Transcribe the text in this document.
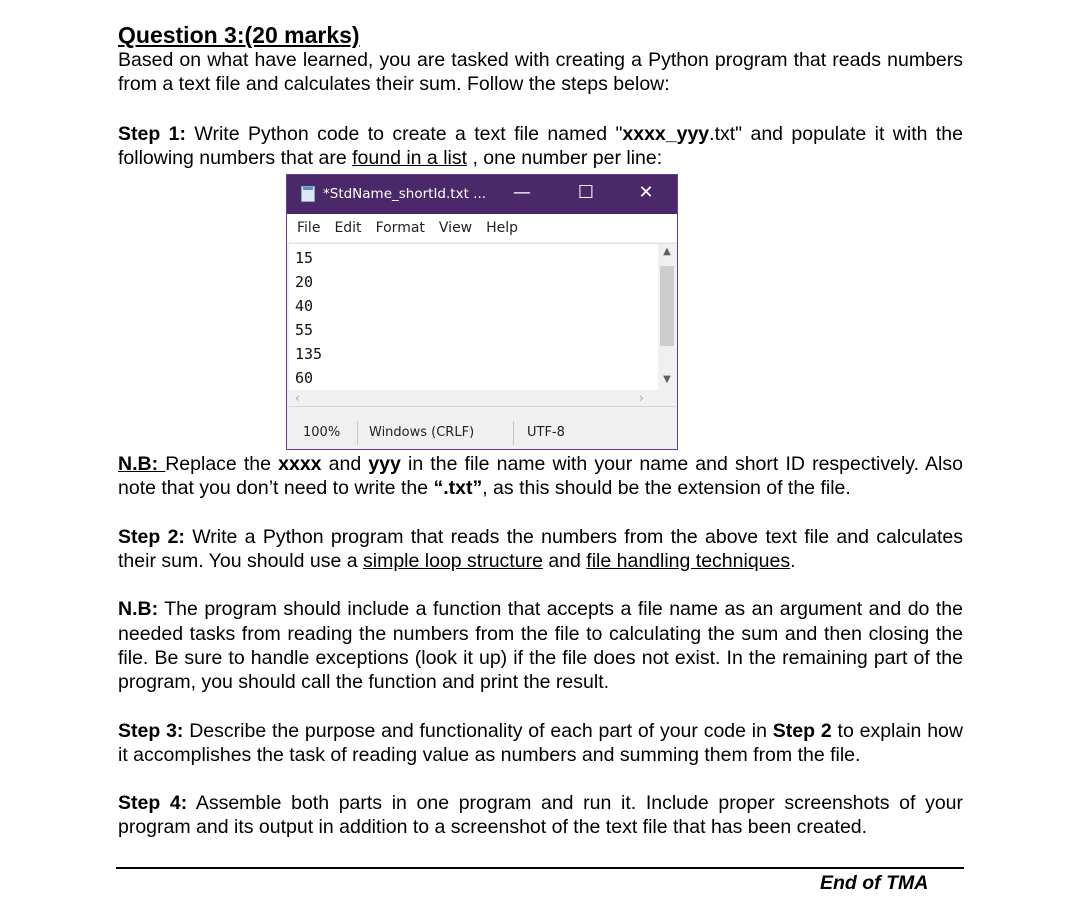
Question 3:(20 marks)

Based on what have learned, you are tasked with creating a Python program that reads numbers from a text file and calculates their sum. Follow the steps below:

Step 1: Write Python code to create a text file named "xxxx_yyy.txt" and populate it with the following numbers that are found in a list , one number per line:

N.B: Replace the xxxx and yyy in the file name with your name and short ID respectively. Also note that you don’t need to write the “.txt”, as this should be the extension of the file.

Step 2: Write a Python program that reads the numbers from the above text file and calculates their sum. You should use a simple loop structure and file handling techniques.

N.B: The program should include a function that accepts a file name as an argument and do the needed tasks from reading the numbers from the file to calculating the sum and then closing the file. Be sure to handle exceptions (look it up) if the file does not exist. In the remaining part of the program, you should call the function and print the result.

Step 3: Describe the purpose and functionality of each part of your code in Step 2 to explain how it accomplishes the task of reading value as numbers and summing them from the file.

Step 4: Assemble both parts in one program and run it. Include proper screenshots of your program and its output in addition to a screenshot of the text file that has been created.

*StdName_shortId.txt ...	—	☐	✕
File Edit Format View Help
15
20
40
55
135
60
▲
▼
‹	›
100% Windows (CRLF)	UTF-8
End of TMA
